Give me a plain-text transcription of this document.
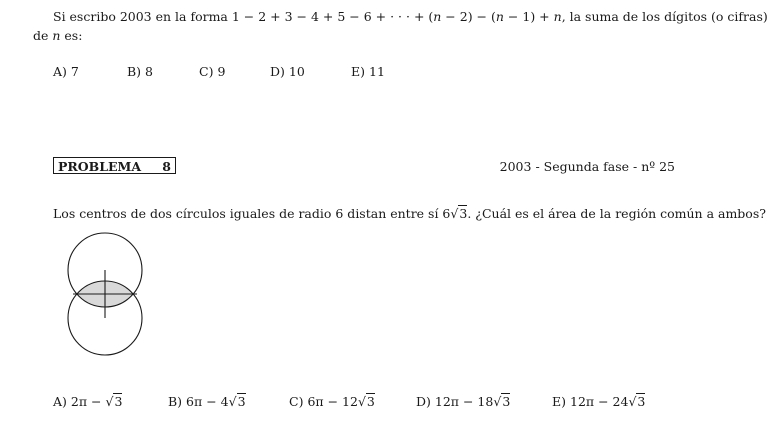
Si escribo 2003 en la forma 1 − 2 + 3 − 4 + 5 − 6 + · · · + (n − 2) − (n − 1) + n, la suma de los dígitos (o cifras)
de n es:
A) 7	B) 8	C) 9	D) 10	E) 11
PROBLEMA 8	2003 - Segunda fase - nº 25
Los centros de dos círculos iguales de radio 6 distan entre sí 6√3. ¿Cuál es el área de la región común a ambos?
A) 2π − √3	B) 6π − 4√3	C) 6π − 12√3	D) 12π − 18√3	E) 12π − 24√3
